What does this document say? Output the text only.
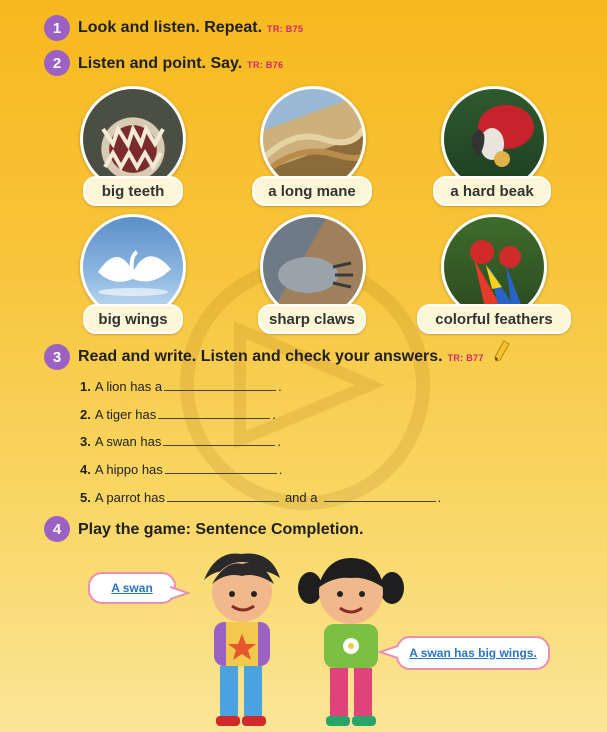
1	Look and listen. Repeat. TR: B75
2	Listen and point. Say. TR: B76
big teeth	a long mane	a hard beak
big wings	sharp claws	colorful feathers
3	Read and write. Listen and check your answers. TR: B77
1. A lion has a	.
2. A tiger has	.
3. A swan has	.
4. A hippo has	.
5. A parrot has	and a	.
4	Play the game: Sentence Completion.
A swan
A swan has big wings.
